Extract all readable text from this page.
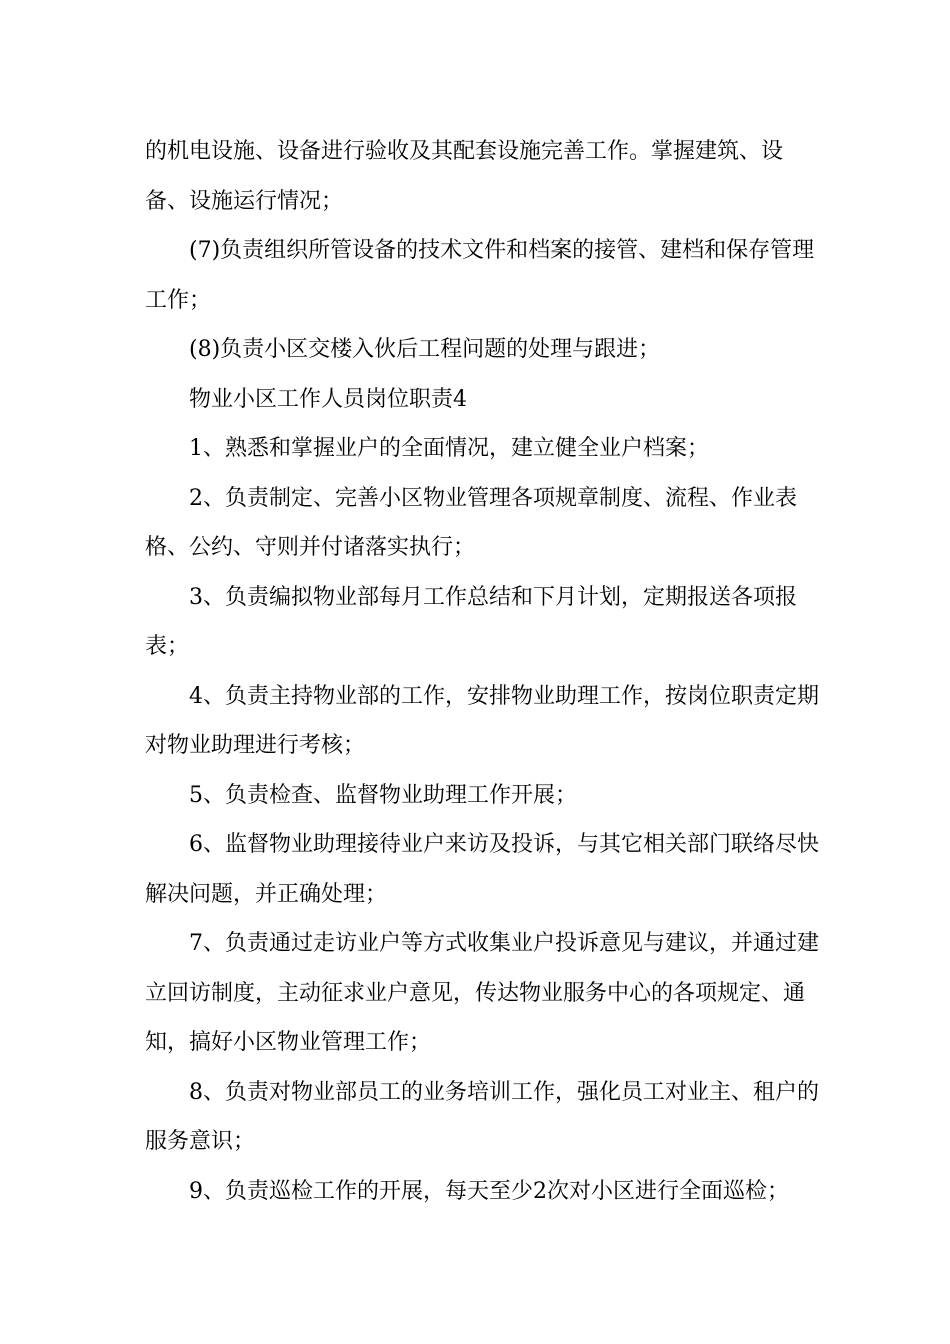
的机电设施、设备进行验收及其配套设施完善工作。掌握建筑、设备、设施运行情况；

(7)负责组织所管设备的技术文件和档案的接管、建档和保存管理工作；

(8)负责小区交楼入伙后工程问题的处理与跟进；

物业小区工作人员岗位职责4

1、熟悉和掌握业户的全面情况，建立健全业户档案；

2、负责制定、完善小区物业管理各项规章制度、流程、作业表格、公约、守则并付诸落实执行；

3、负责编拟物业部每月工作总结和下月计划，定期报送各项报表；

4、负责主持物业部的工作，安排物业助理工作，按岗位职责定期对物业助理进行考核；

5、负责检查、监督物业助理工作开展；

6、监督物业助理接待业户来访及投诉，与其它相关部门联络尽快解决问题，并正确处理；

7、负责通过走访业户等方式收集业户投诉意见与建议，并通过建立回访制度，主动征求业户意见，传达物业服务中心的各项规定、通知，搞好小区物业管理工作；

8、负责对物业部员工的业务培训工作，强化员工对业主、租户的服务意识；

9、负责巡检工作的开展，每天至少2次对小区进行全面巡检；
